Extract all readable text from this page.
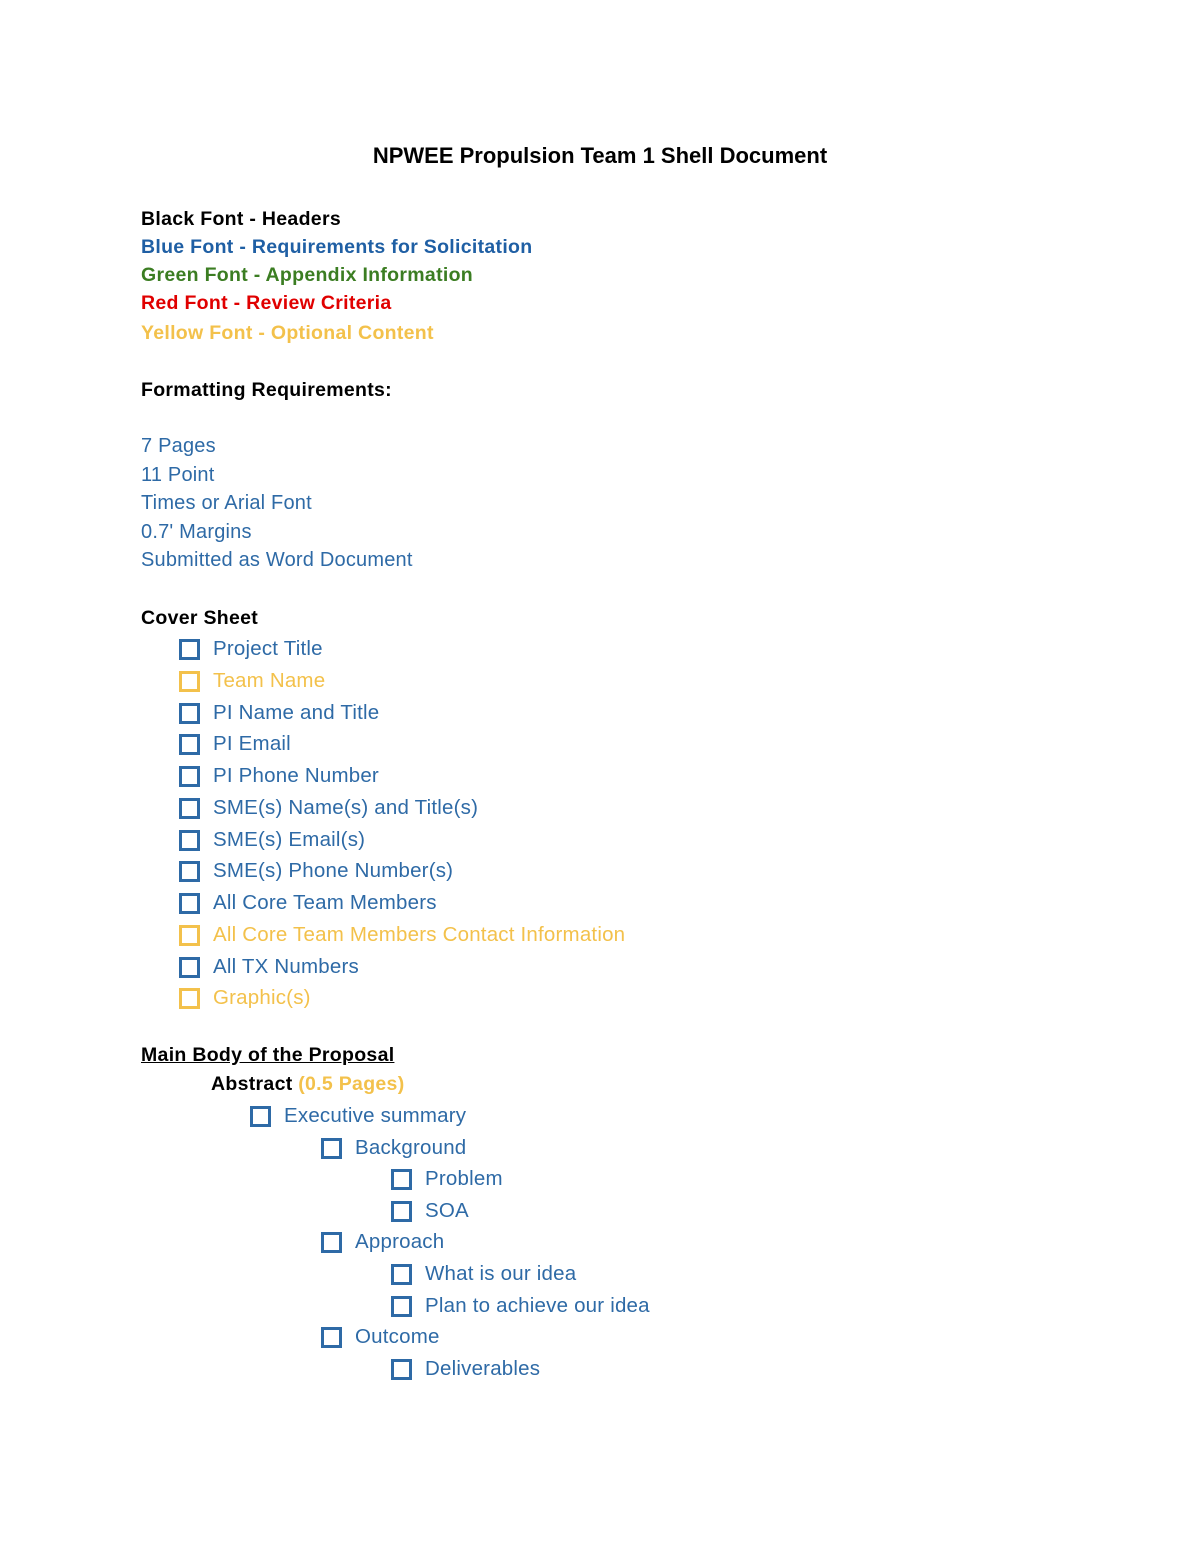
NPWEE Propulsion Team 1 Shell Document
Black Font - Headers
Blue Font - Requirements for Solicitation
Green Font - Appendix Information
Red Font - Review Criteria
Yellow Font - Optional Content
Formatting Requirements:
7 Pages
11 Point
Times or Arial Font
0.7' Margins
Submitted as Word Document
Cover Sheet
Project Title
Team Name
PI Name and Title
PI Email
PI Phone Number
SME(s) Name(s) and Title(s)
SME(s) Email(s)
SME(s) Phone Number(s)
All Core Team Members
All Core Team Members Contact Information
All TX Numbers
Graphic(s)
Main Body of the Proposal
Abstract (0.5 Pages)
Executive summary
Background
Problem
SOA
Approach
What is our idea
Plan to achieve our idea
Outcome
Deliverables
